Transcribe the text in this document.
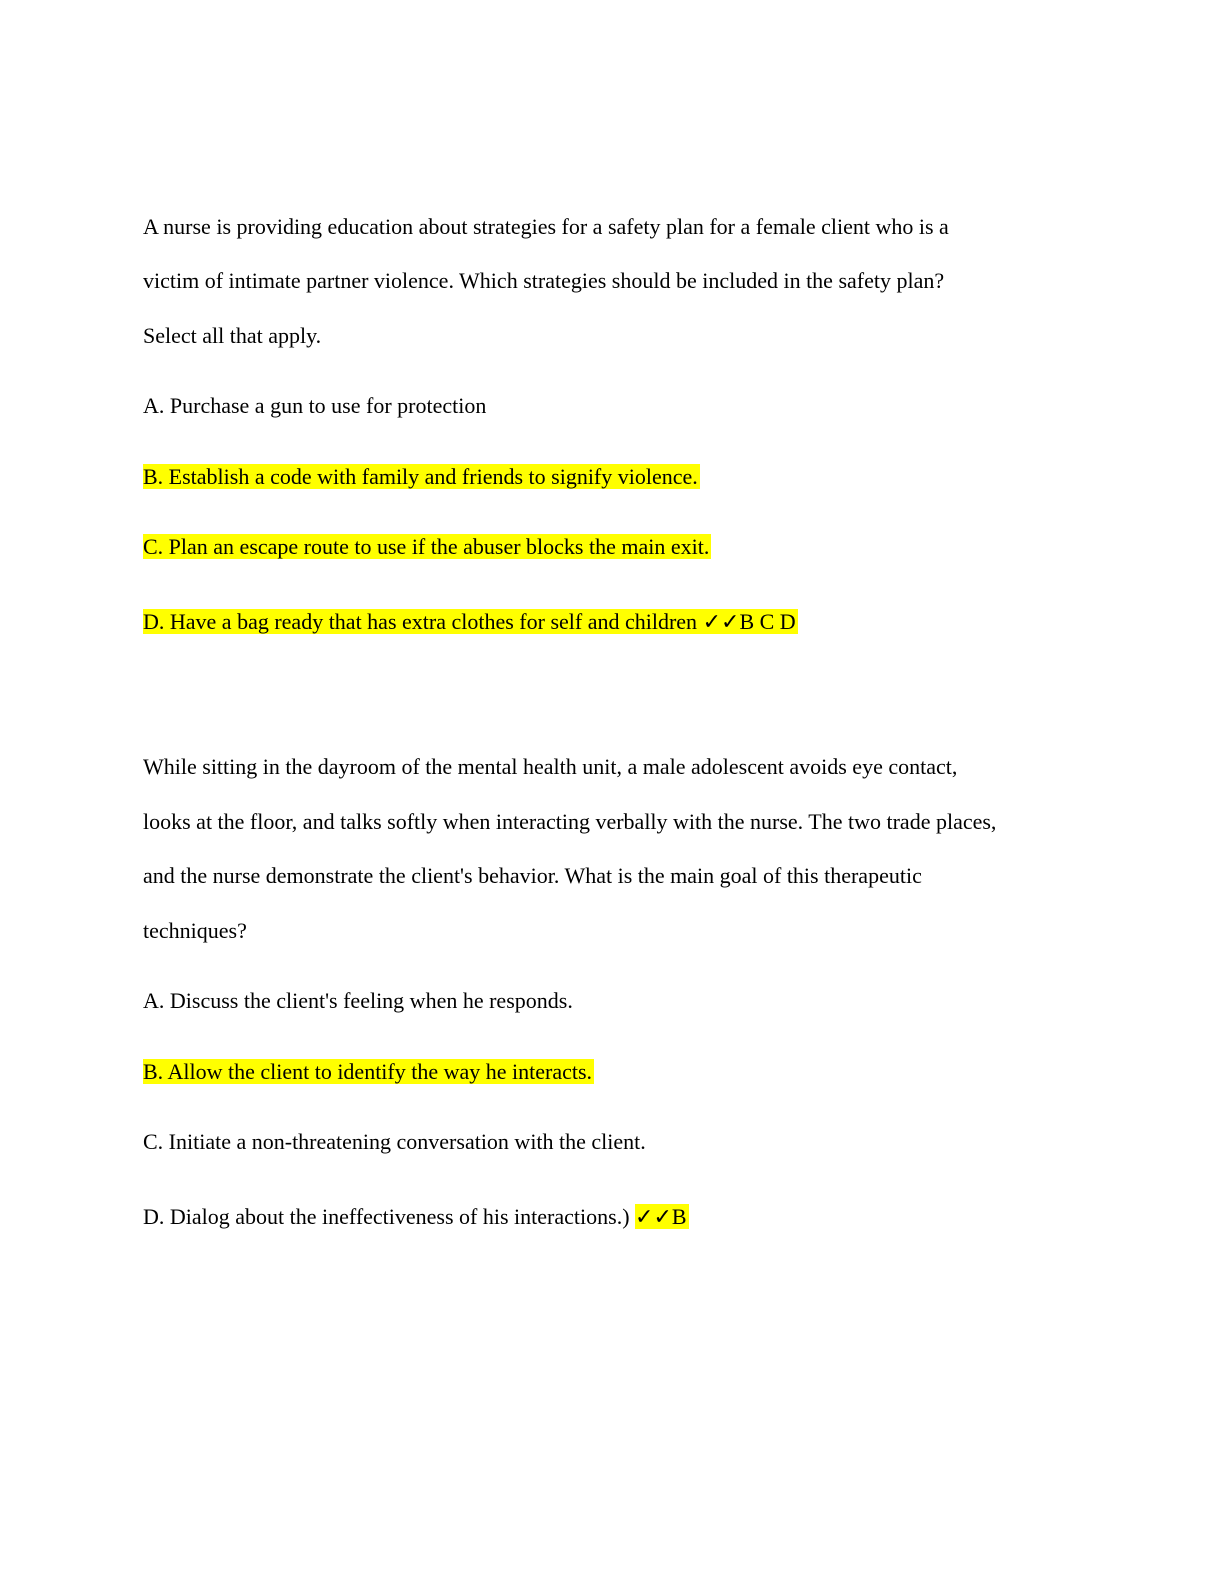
A nurse is providing education about strategies for a safety plan for a female client who is a
victim of intimate partner violence. Which strategies should be included in the safety plan?
Select all that apply.
A. Purchase a gun to use for protection
B. Establish a code with family and friends to signify violence.
C. Plan an escape route to use if the abuser blocks the main exit.
D. Have a bag ready that has extra clothes for self and children ✓✓B C D
While sitting in the dayroom of the mental health unit, a male adolescent avoids eye contact,
looks at the floor, and talks softly when interacting verbally with the nurse. The two trade places,
and the nurse demonstrate the client's behavior. What is the main goal of this therapeutic
techniques?
A. Discuss the client's feeling when he responds.
B. Allow the client to identify the way he interacts.
C. Initiate a non-threatening conversation with the client.
D. Dialog about the ineffectiveness of his interactions.) ✓✓B
